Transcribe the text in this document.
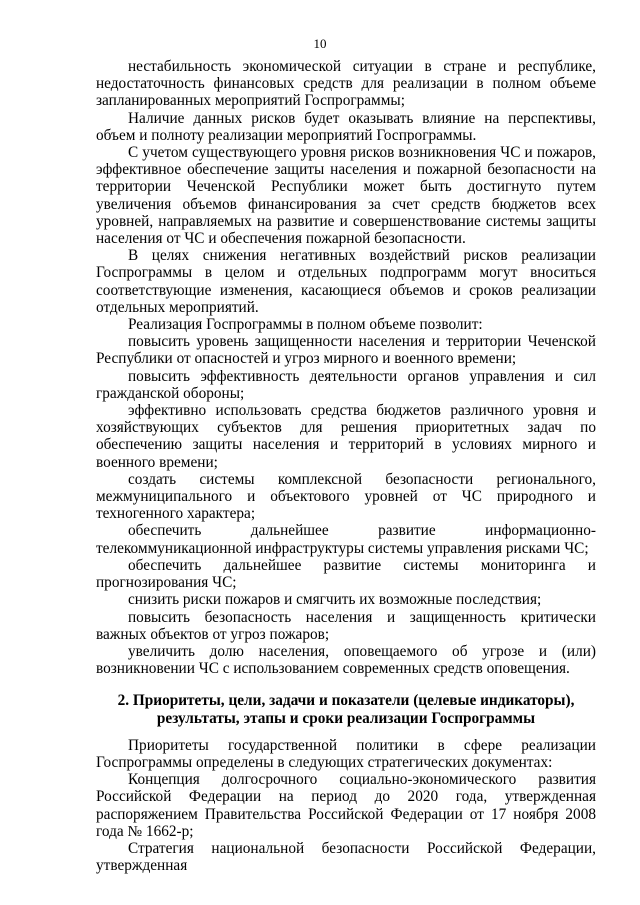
10

нестабильность экономической ситуации в стране и республике, недостаточность финансовых средств для реализации в полном объеме запланированных мероприятий Госпрограммы;

Наличие данных рисков будет оказывать влияние на перспективы, объем и полноту реализации мероприятий Госпрограммы.

С учетом существующего уровня рисков возникновения ЧС и пожаров, эффективное обеспечение защиты населения и пожарной безопасности на территории Чеченской Республики может быть достигнуто путем увеличения объемов финансирования за счет средств бюджетов всех уровней, направляемых на развитие и совершенствование системы защиты населения от ЧС и обеспечения пожарной безопасности.

В целях снижения негативных воздействий рисков реализации Госпрограммы в целом и отдельных подпрограмм могут вноситься соответствующие изменения, касающиеся объемов и сроков реализации отдельных мероприятий.

Реализация Госпрограммы в полном объеме позволит:

повысить уровень защищенности населения и территории Чеченской Республики от опасностей и угроз мирного и военного времени;

повысить эффективность деятельности органов управления и сил гражданской обороны;

эффективно использовать средства бюджетов различного уровня и хозяйствующих субъектов для решения приоритетных задач по обеспечению защиты населения и территорий в условиях мирного и военного времени;

создать системы комплексной безопасности регионального, межмуниципального и объектового уровней от ЧС природного и техногенного характера;

обеспечить дальнейшее развитие информационно-телекоммуникационной инфраструктуры системы управления рисками ЧС;

обеспечить дальнейшее развитие системы мониторинга и прогнозирования ЧС;

снизить риски пожаров и смягчить их возможные последствия;

повысить безопасность населения и защищенность критически важных объектов от угроз пожаров;

увеличить долю населения, оповещаемого об угрозе и (или) возникновении ЧС с использованием современных средств оповещения.

2. Приоритеты, цели, задачи и показатели (целевые индикаторы),
результаты, этапы и сроки реализации Госпрограммы

Приоритеты государственной политики в сфере реализации Госпрограммы определены в следующих стратегических документах:

Концепция долгосрочного социально-экономического развития Российской Федерации на период до 2020 года, утвержденная распоряжением Правительства Российской Федерации от 17 ноября 2008 года № 1662-р;

Стратегия национальной безопасности Российской Федерации, утвержденная
